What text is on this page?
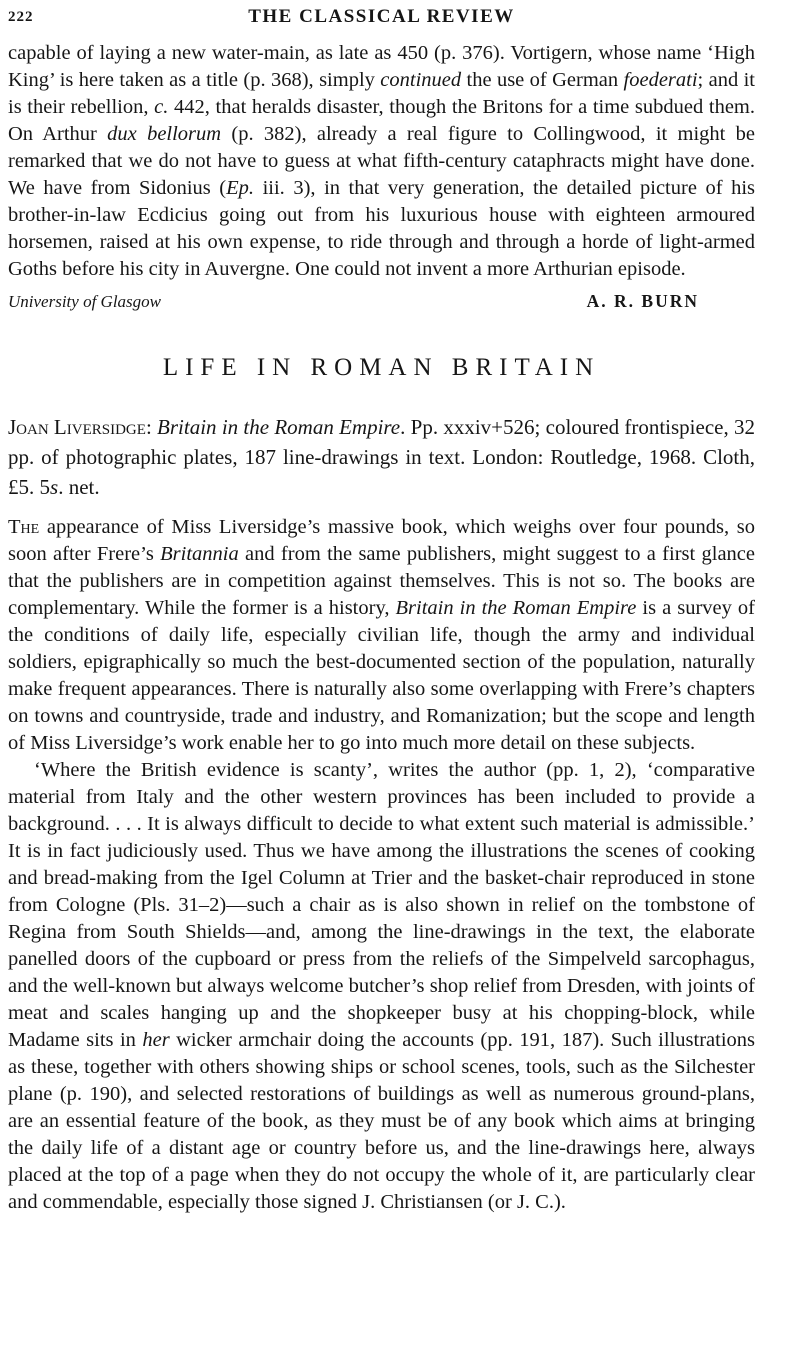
222	THE CLASSICAL REVIEW

capable of laying a new water-main, as late as 450 (p. 376). Vortigern, whose name ‘High King’ is here taken as a title (p. 368), simply continued the use of German foederati; and it is their rebellion, c. 442, that heralds disaster, though the Britons for a time subdued them. On Arthur dux bellorum (p. 382), already a real figure to Collingwood, it might be remarked that we do not have to guess at what fifth-century cataphracts might have done. We have from Sidonius (Ep. iii. 3), in that very generation, the detailed picture of his brother-in-law Ecdicius going out from his luxurious house with eighteen armoured horsemen, raised at his own expense, to ride through and through a horde of light-armed Goths before his city in Auvergne. One could not invent a more Arthurian episode.

University of Glasgow	A. R. BURN
LIFE IN ROMAN BRITAIN

Joan Liversidge: Britain in the Roman Empire. Pp. xxxiv+526; coloured frontispiece, 32 pp. of photographic plates, 187 line-drawings in text. London: Routledge, 1968. Cloth, £5. 5s. net.

The appearance of Miss Liversidge’s massive book, which weighs over four pounds, so soon after Frere’s Britannia and from the same publishers, might suggest to a first glance that the publishers are in competition against themselves. This is not so. The books are complementary. While the former is a history, Britain in the Roman Empire is a survey of the conditions of daily life, especially civilian life, though the army and individual soldiers, epigraphically so much the best-documented section of the population, naturally make frequent appearances. There is naturally also some overlapping with Frere’s chapters on towns and countryside, trade and industry, and Romanization; but the scope and length of Miss Liversidge’s work enable her to go into much more detail on these subjects.

‘Where the British evidence is scanty’, writes the author (pp. 1, 2), ‘comparative material from Italy and the other western provinces has been included to provide a background. . . . It is always difficult to decide to what extent such material is admissible.’ It is in fact judiciously used. Thus we have among the illustrations the scenes of cooking and bread-making from the Igel Column at Trier and the basket-chair reproduced in stone from Cologne (Pls. 31–2)—such a chair as is also shown in relief on the tombstone of Regina from South Shields—and, among the line-drawings in the text, the elaborate panelled doors of the cupboard or press from the reliefs of the Simpelveld sarcophagus, and the well-known but always welcome butcher’s shop relief from Dresden, with joints of meat and scales hanging up and the shopkeeper busy at his chopping-block, while Madame sits in her wicker armchair doing the accounts (pp. 191, 187). Such illustrations as these, together with others showing ships or school scenes, tools, such as the Silchester plane (p. 190), and selected restorations of buildings as well as numerous ground-plans, are an essential feature of the book, as they must be of any book which aims at bringing the daily life of a distant age or country before us, and the line-drawings here, always placed at the top of a page when they do not occupy the whole of it, are particularly clear and commendable, especially those signed J. Christiansen (or J. C.).
